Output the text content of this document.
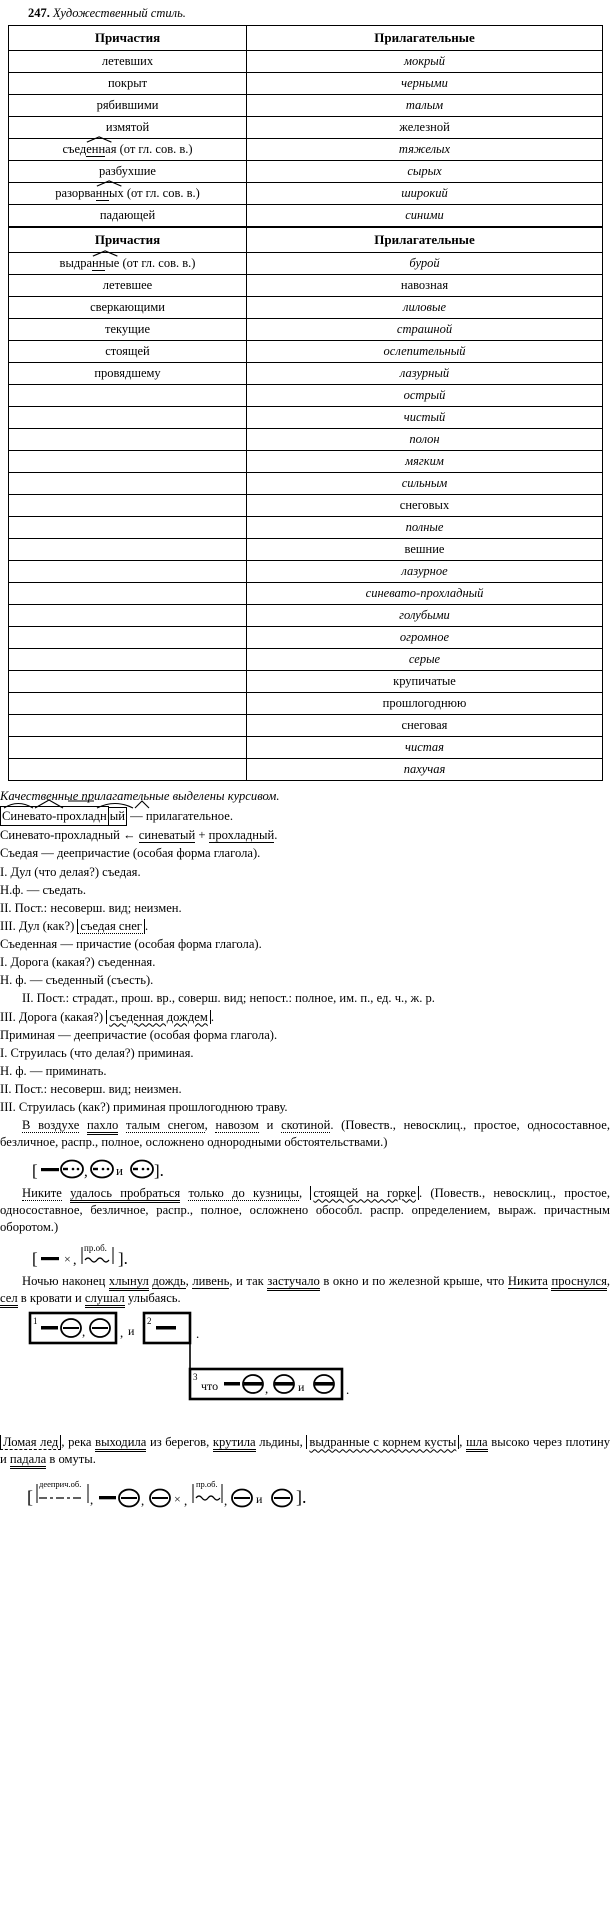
247. Художественный стиль.
Причастия	Прилагательные
летевших	мокрый
покрыт	черными
рябившими	талым
измятой	железной
съед
енная (от гл. сов. в.)	тяжелых
разбухшие	сырых
разорва
нных (от гл. сов. в.)	широкий
падающей	синими
Причастия	Прилагательные
выдра
нные (от гл. сов. в.)	бурой
летевшее	навозная
сверкающими	лиловые
текущие	страшной
стоящей	ослепительный
провядшему	лазурный
	острый
	чистый
	полон
	мягким
	сильным
	снеговых
	полные
	вешние
	лазурное
	синевато-прохладный
	голубыми
	огромное
	серые
	крупичатые
	прошлогоднюю
	снеговая
	чистая
	пахучая

Качественные прилагательные выделены курсивом.

Синевато-прохладн ый — прилагательное.

Синевато-прохладный ← синеватый + прохладный.

Съедая — деепричастие (особая форма глагола).

I. Дул (что делая?) съедая.

Н.ф. — съедать.

II. Пост.: несоверш. вид; неизмен.

III. Дул (как?) съедая снег .

Съеденная — причастие (особая форма глагола).

I. Дорога (какая?) съеденная.

Н. ф. — съеденный (съесть).

II. Пост.: страдат., прош. вр., соверш. вид; непост.: полное, им. п., ед. ч., ж. р.

III. Дорога (какая?) съеденная дождем .

Приминая — деепричастие (особая форма глагола).

I. Струилась (что делая?) приминая.

Н. ф. — приминать.

II. Пост.: несоверш. вид; неизмен.

III. Струилась (как?) приминая прошлогоднюю траву.

В воздухе пахло талым снегом, навозом и скотиной. (Повеств., невосклиц., простое, односоставное, безличное, распр., полное, осложнено однородными обстоятельствами.)

[	, и ].

Никите удалось пробраться только до кузницы, стоящей на горке . (Повеств., невосклиц., простое, односоставное, безличное, распр., полное, осложнено обособл. распр. определением, выраж. причастным оборотом.)

[ × ,
пр.об.
].

Ночью наконец хлынул дождь, ливень, и так застучало в окно и по железной крыше, что Никита проснулся, сел в кровати и слушал улыбаясь.

1
,	, и
2
.
3
что	, и	.

Ломая лед , река выходила из берегов, крутила льдины, выдранные с корнем кусты , шла высоко через плотину и падала в омуты.

[
дееприч.об.
,	, × ,
пр.об.
, и ].
